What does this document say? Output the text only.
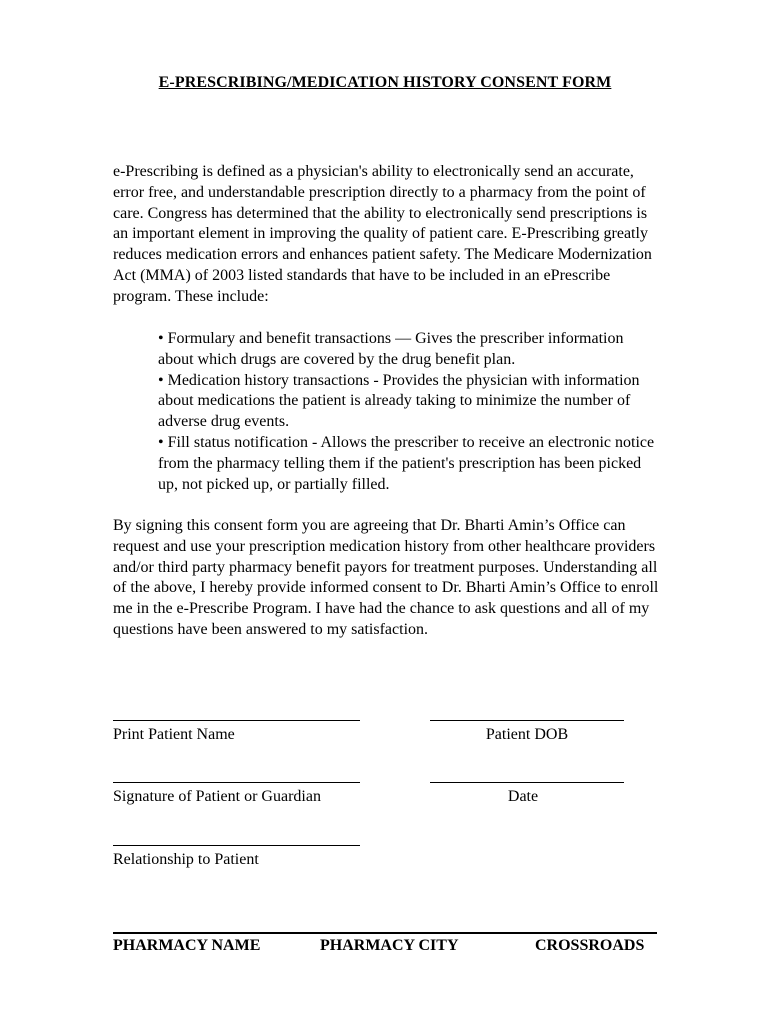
E-PRESCRIBING/MEDICATION HISTORY CONSENT FORM

e-Prescribing is defined as a physician's ability to electronically send an accurate, error free, and understandable prescription directly to a pharmacy from the point of care. Congress has determined that the ability to electronically send prescriptions is an important element in improving the quality of patient care. E-Prescribing greatly reduces medication errors and enhances patient safety. The Medicare Modernization Act (MMA) of 2003 listed standards that have to be included in an ePrescribe program. These include:

• Formulary and benefit transactions — Gives the prescriber information about which drugs are covered by the drug benefit plan.
• Medication history transactions - Provides the physician with information about medications the patient is already taking to minimize the number of adverse drug events.
• Fill status notification - Allows the prescriber to receive an electronic notice from the pharmacy telling them if the patient's prescription has been picked up, not picked up, or partially filled.

By signing this consent form you are agreeing that Dr. Bharti Amin’s Office can request and use your prescription medication history from other healthcare providers and/or third party pharmacy benefit payors for treatment purposes. Understanding all of the above, I hereby provide informed consent to Dr. Bharti Amin’s Office to enroll me in the e-Prescribe Program. I have had the chance to ask questions and all of my questions have been answered to my satisfaction.

Print Patient Name	Patient DOB
Signature of Patient or Guardian	Date
Relationship to Patient
PHARMACY NAME	PHARMACY CITY	CROSSROADS
